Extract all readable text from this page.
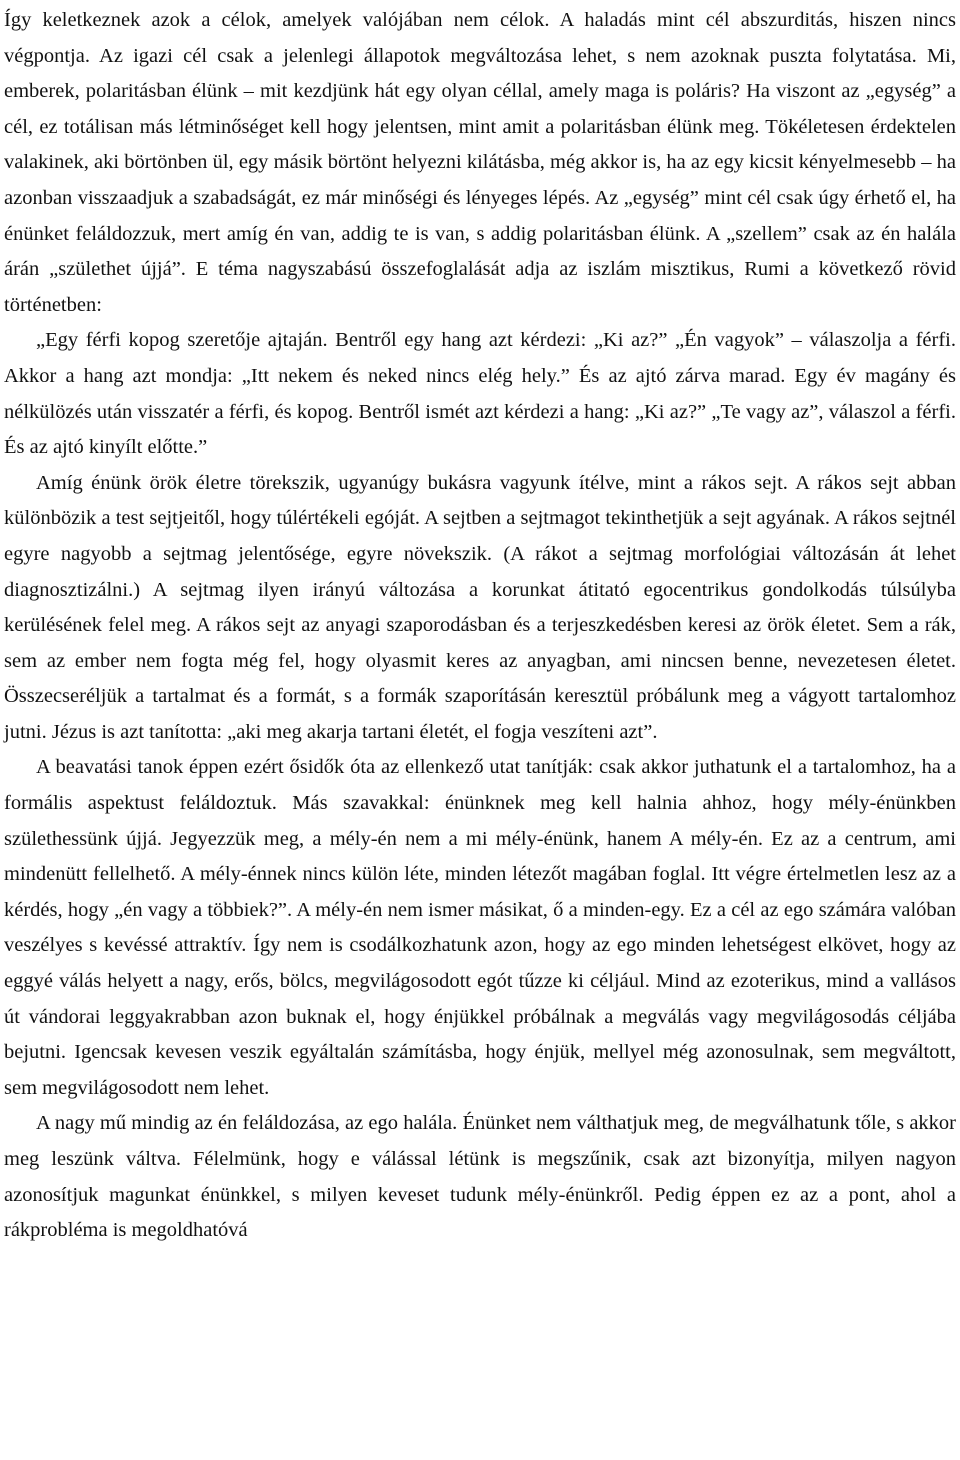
Így keletkeznek azok a célok, amelyek valójában nem célok. A haladás mint cél abszurditás, hiszen nincs végpontja. Az igazi cél csak a jelenlegi állapotok megváltozása lehet, s nem azoknak puszta folytatása. Mi, emberek, polaritásban élünk – mit kezdjünk hát egy olyan céllal, amely maga is poláris? Ha viszont az „egység” a cél, ez totálisan más létminőséget kell hogy jelentsen, mint amit a polaritásban élünk meg. Tökéletesen érdektelen valakinek, aki börtönben ül, egy másik börtönt helyezni kilátásba, még akkor is, ha az egy kicsit kényelmesebb – ha azonban visszaadjuk a szabadságát, ez már minőségi és lényeges lépés. Az „egység” mint cél csak úgy érhető el, ha énünket feláldozzuk, mert amíg én van, addig te is van, s addig polaritásban élünk. A „szellem” csak az én halála árán „születhet újjá”. E téma nagyszabású összefoglalását adja az iszlám misztikus, Rumi a következő rövid történetben:

„Egy férfi kopog szeretője ajtaján. Bentről egy hang azt kérdezi: „Ki az?” „Én vagyok” – válaszolja a férfi. Akkor a hang azt mondja: „Itt nekem és neked nincs elég hely.” És az ajtó zárva marad. Egy év magány és nélkülözés után visszatér a férfi, és kopog. Bentről ismét azt kérdezi a hang: „Ki az?” „Te vagy az”, válaszol a férfi. És az ajtó kinyílt előtte.”

Amíg énünk örök életre törekszik, ugyanúgy bukásra vagyunk ítélve, mint a rákos sejt. A rákos sejt abban különbözik a test sejtjeitől, hogy túlértékeli egóját. A sejtben a sejtmagot tekinthetjük a sejt agyának. A rákos sejtnél egyre nagyobb a sejtmag jelentősége, egyre növekszik. (A rákot a sejtmag morfológiai változásán át lehet diagnosztizálni.) A sejtmag ilyen irányú változása a korunkat átitató egocentrikus gondolkodás túlsúlyba kerülésének felel meg. A rákos sejt az anyagi szaporodásban és a terjeszkedésben keresi az örök életet. Sem a rák, sem az ember nem fogta még fel, hogy olyasmit keres az anyagban, ami nincsen benne, nevezetesen életet. Összecseréljük a tartalmat és a formát, s a formák szaporításán keresztül próbálunk meg a vágyott tartalomhoz jutni. Jézus is azt tanította: „aki meg akarja tartani életét, el fogja veszíteni azt”.

A beavatási tanok éppen ezért ősidők óta az ellenkező utat tanítják: csak akkor juthatunk el a tartalomhoz, ha a formális aspektust feláldoztuk. Más szavakkal: énünknek meg kell halnia ahhoz, hogy mély-énünkben születhessünk újjá. Jegyezzük meg, a mély-én nem a mi mély-énünk, hanem A mély-én. Ez az a centrum, ami mindenütt fellelhető. A mély-énnek nincs külön léte, minden létezőt magában foglal. Itt végre értelmetlen lesz az a kérdés, hogy „én vagy a többiek?”. A mély-én nem ismer másikat, ő a minden-egy. Ez a cél az ego számára valóban veszélyes s kevéssé attraktív. Így nem is csodálkozhatunk azon, hogy az ego minden lehetségest elkövet, hogy az eggyé válás helyett a nagy, erős, bölcs, megvilágosodott egót tűzze ki céljául. Mind az ezoterikus, mind a vallásos út vándorai leggyakrabban azon buknak el, hogy énjükkel próbálnak a megválás vagy megvilágosodás céljába bejutni. Igencsak kevesen veszik egyáltalán számításba, hogy énjük, mellyel még azonosulnak, sem megváltott, sem megvilágosodott nem lehet.

A nagy mű mindig az én feláldozása, az ego halála. Énünket nem válthatjuk meg, de megválhatunk tőle, s akkor meg leszünk váltva. Félelmünk, hogy e válással létünk is megszűnik, csak azt bizonyítja, milyen nagyon azonosítjuk magunkat énünkkel, s milyen keveset tudunk mély-énünkről. Pedig éppen ez az a pont, ahol a rákprobléma is megoldhatóvá
